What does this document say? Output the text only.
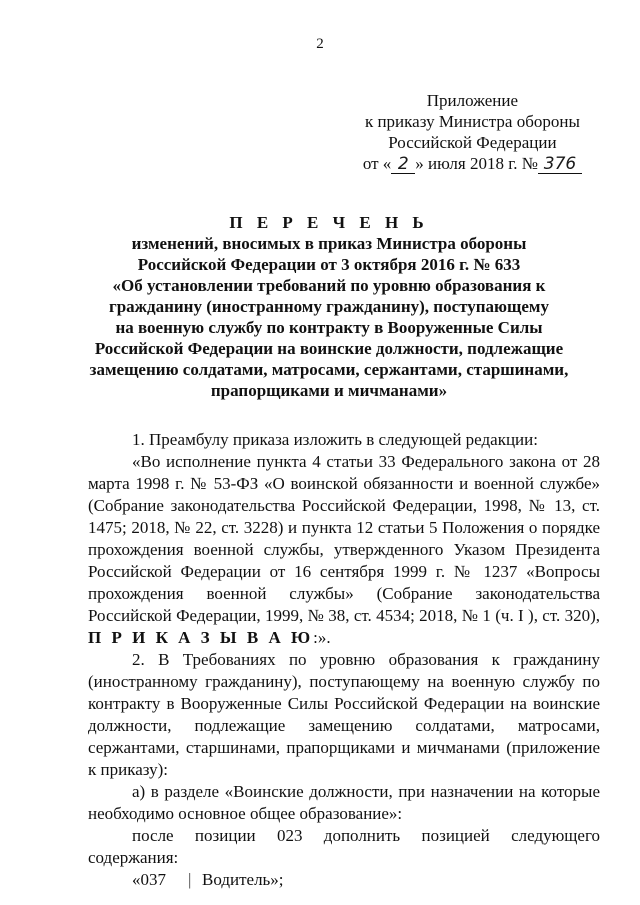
2
Приложение
к приказу Министра обороны
Российской Федерации
от « 2 » июля 2018 г. № 376
П Е Р Е Ч Е Н Ь
изменений, вносимых в приказ Министра обороны
Российской Федерации от 3 октября 2016 г. № 633
«Об установлении требований по уровню образования к
гражданину (иностранному гражданину), поступающему
на военную службу по контракту в Вооруженные Силы
Российской Федерации на воинские должности, подлежащие
замещению солдатами, матросами, сержантами, старшинами,
прапорщиками и мичманами»

1. Преамбулу приказа изложить в следующей редакции:

«Во исполнение пункта 4 статьи 33 Федерального закона от 28 марта 1998 г. № 53-ФЗ «О воинской обязанности и военной службе» (Собрание законодательства Российской Федерации, 1998, № 13, ст. 1475; 2018, № 22, ст. 3228) и пункта 12 статьи 5 Положения о порядке прохождения военной службы, утвержденного Указом Президента Российской Федерации от 16 сентября 1999 г. № 1237 «Вопросы прохождения военной службы» (Собрание законодательства Российской Федерации, 1999, № 38, ст. 4534; 2018, № 1 (ч. I ), ст. 320), П Р И К А З Ы В А Ю:».

2. В Требованиях по уровню образования к гражданину (иностранному гражданину), поступающему на военную службу по контракту в Вооруженные Силы Российской Федерации на воинские должности, подлежащие замещению солдатами, матросами, сержантами, старшинами, прапорщиками и мичманами (приложение к приказу):

а) в разделе «Воинские должности, при назначении на которые необходимо основное общее образование»:

после позиции 023 дополнить позицией следующего содержания:

«037 | Водитель»;
